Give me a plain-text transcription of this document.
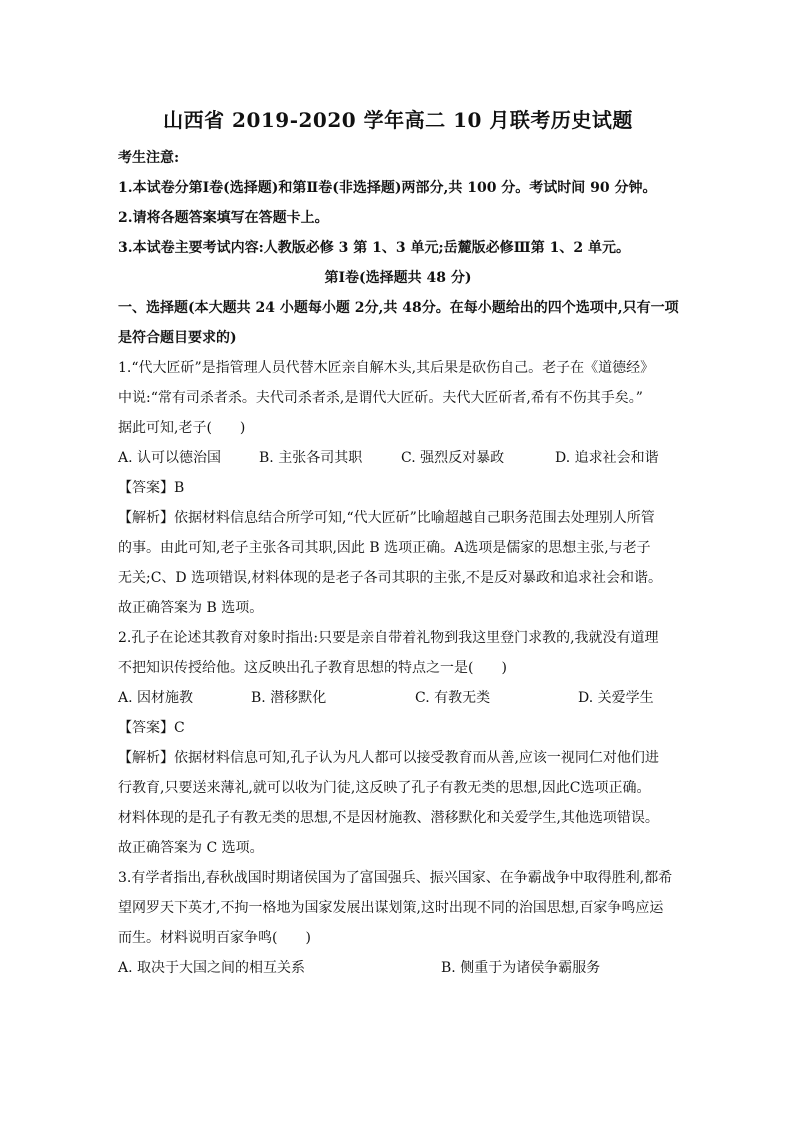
山西省 2019-2020 学年高二 10 月联考历史试题
考生注意:
1.本试卷分第Ⅰ卷(选择题)和第Ⅱ卷(非选择题)两部分,共 100 分。考试时间 90 分钟。
2.请将各题答案填写在答题卡上。
3.本试卷主要考试内容:人教版必修 3 第 1、3 单元;岳麓版必修Ⅲ第 1、2 单元。
第Ⅰ卷(选择题共 48 分)
一、选择题(本大题共 24 小题每小题 2分,共 48分。在每小题给出的四个选项中,只有一项
是符合题目要求的)
1.“代大匠斫”是指管理人员代替木匠亲自解木头,其后果是砍伤自己。老子在《道德经》
中说:“常有司杀者杀。夫代司杀者杀,是谓代大匠斫。夫代大匠斫者,希有不伤其手矣。”
据此可知,老子(　　)
A. 认可以德治国	B. 主张各司其职	C. 强烈反对暴政	D. 追求社会和谐
【答案】B
【解析】依据材料信息结合所学可知,“代大匠斫”比喻超越自己职务范围去处理别人所管
的事。由此可知,老子主张各司其职,因此 B 选项正确。A选项是儒家的思想主张,与老子
无关;C、D 选项错误,材料体现的是老子各司其职的主张,不是反对暴政和追求社会和谐。
故正确答案为 B 选项。
2.孔子在论述其教育对象时指出:只要是亲自带着礼物到我这里登门求教的,我就没有道理
不把知识传授给他。这反映出孔子教育思想的特点之一是(　　)
A. 因材施教	B. 潜移默化	C. 有教无类	D. 关爱学生
【答案】C
【解析】依据材料信息可知,孔子认为凡人都可以接受教育而从善,应该一视同仁对他们进
行教育,只要送来薄礼,就可以收为门徒,这反映了孔子有教无类的思想,因此C选项正确。
材料体现的是孔子有教无类的思想,不是因材施教、潜移默化和关爱学生,其他选项错误。
故正确答案为 C 选项。
3.有学者指出,春秋战国时期诸侯国为了富国强兵、振兴国家、在争霸战争中取得胜利,都希
望网罗天下英才,不拘一格地为国家发展出谋划策,这时出现不同的治国思想,百家争鸣应运
而生。材料说明百家争鸣(　　)
A. 取决于大国之间的相互关系	B. 侧重于为诸侯争霸服务
